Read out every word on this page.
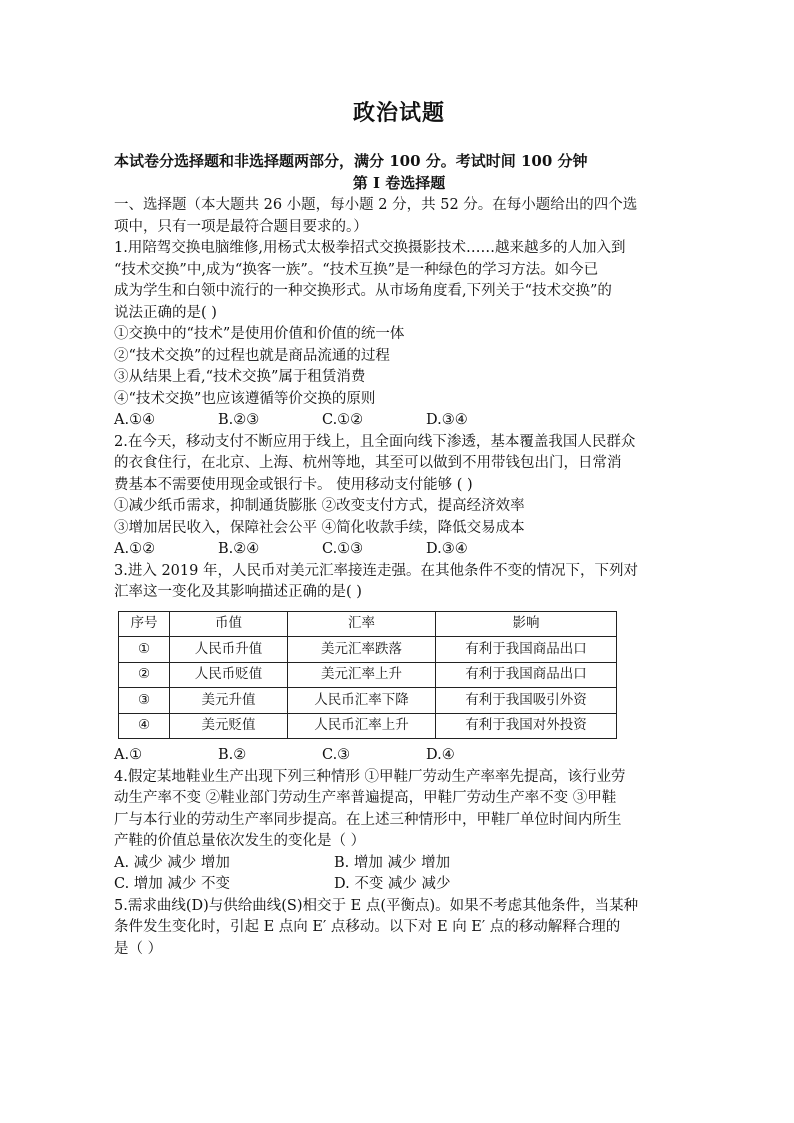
政治试题
本试卷分选择题和非选择题两部分，满分 100 分。考试时间 100 分钟
第 I 卷选择题

一、选择题（本大题共 26 小题，每小题 2 分，共 52 分。在每小题给出的四个选

项中，只有一项是最符合题目要求的。）

1.用陪驾交换电脑维修,用杨式太极拳招式交换摄影技术……越来越多的人加入到

“技术交换”中,成为“换客一族”。“技术互换”是一种绿色的学习方法。如今已

成为学生和白领中流行的一种交换形式。从市场角度看,下列关于“技术交换”的

说法正确的是( )

①交换中的“技术”是使用价值和价值的统一体

②“技术交换”的过程也就是商品流通的过程

③从结果上看,“技术交换”属于租赁消费

④“技术交换”也应该遵循等价交换的原则

A.①④	B.②③	C.①②	D.③④

2.在今天，移动支付不断应用于线上，且全面向线下渗透，基本覆盖我国人民群众

的衣食住行，在北京、上海、杭州等地，其至可以做到不用带钱包出门，日常消

费基本不需要使用现金或银行卡。 使用移动支付能够 ( )

①减少纸币需求，抑制通货膨胀 ②改变支付方式，提高经济效率

③增加居民收入，保障社会公平 ④简化收款手续，降低交易成本

A.①②	B.②④	C.①③	D.③④

3.进入 2019 年，人民币对美元汇率接连走强。在其他条件不变的情况下，下列对

汇率这一变化及其影响描述正确的是( )

序号	币值	汇率	影响
①	人民币升值	美元汇率跌落	有利于我国商品出口
②	人民币贬值	美元汇率上升	有利于我国商品出口
③	美元升值	人民币汇率下降	有利于我国吸引外资
④	美元贬值	人民币汇率上升	有利于我国对外投资
A.①	B.②	C.③	D.④

4.假定某地鞋业生产出现下列三种情形 ①甲鞋厂劳动生产率率先提高，该行业劳

动生产率不变 ②鞋业部门劳动生产率普遍提高，甲鞋厂劳动生产率不变 ③甲鞋

厂与本行业的劳动生产率同步提高。在上述三种情形中，甲鞋厂单位时间内所生

产鞋的价值总量依次发生的变化是（ ）

A. 减少 减少 增加	B. 增加 减少 增加
C. 增加 减少 不变	D. 不变 减少 减少

5.需求曲线(D)与供给曲线(S)相交于 E 点(平衡点)。如果不考虑其他条件，当某种

条件发生变化时，引起 E 点向 E′ 点移动。以下对 E 向 E′ 点的移动解释合理的

是（ ）
